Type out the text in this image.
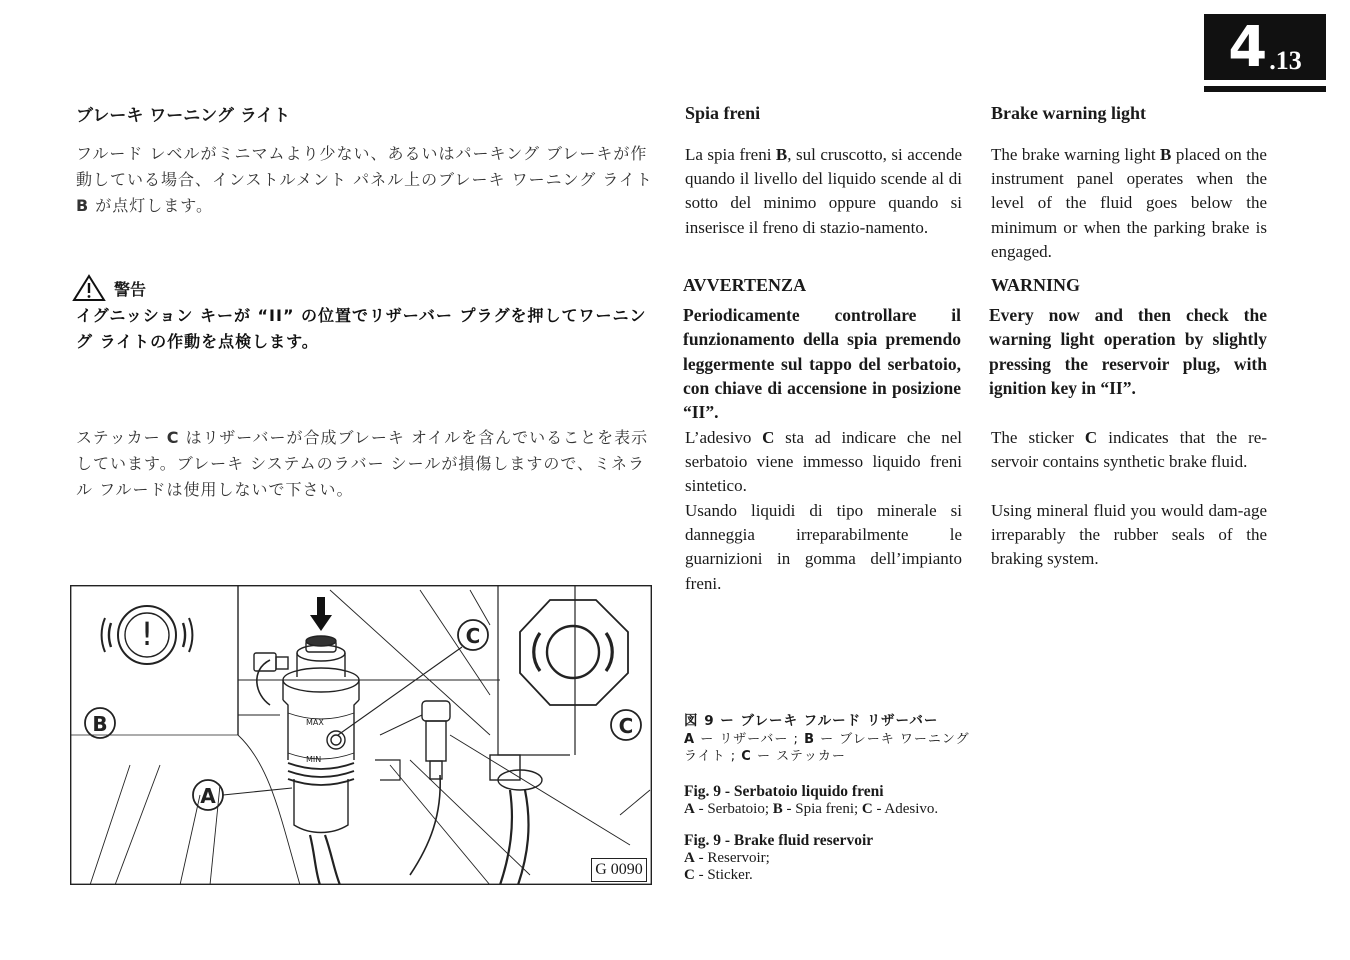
4 .13
ブレーキ ワーニング ライト	Spia freni	Brake warning light
フルード レベルがミニマムより少ない、あるいはパーキング ブレーキが作動している場合、インストルメント パネル上のブレーキ ワーニング ライト B が点灯します。
警告
イグニッション キーが “II” の位置でリザーバー プラグを押してワーニング ライトの作動を点検します。
ステッカー C はリザーバーが合成ブレーキ オイルを含んでいることを表示しています。ブレーキ システムのラバー シールが損傷しますので、ミネラル フルードは使用しないで下さい。
La spia freni B, sul cruscotto, si accende quando il livello del liquido scende al di sotto del minimo oppure quando si inserisce il freno di stazio-namento.
AVVERTENZA
Periodicamente controllare il funzionamento della spia premendo leggermente sul tappo del serbatoio, con chiave di accensione in posizione “II”.
L’adesivo C sta ad indicare che nel serbatoio viene immesso liquido freni sintetico.
Usando liquidi di tipo minerale si danneggia irreparabilmente le guarnizioni in gomma dell’impianto freni.
The brake warning light B placed on the instrument panel operates when the level of the fluid goes below the minimum or when the parking brake is engaged.
WARNING
Every now and then check the warning light operation by slightly pressing the reservoir plug, with ignition key in “II”.
The sticker C indicates that the re-servoir contains synthetic brake fluid.
Using mineral fluid you would dam-age irreparably the rubber seals of the braking system.
!
MAX
MIN
A
B
C
C
G 0090
図 9 ー ブレーキ フルード リザーバー
A ー リザーバー ; B ー ブレーキ ワーニング ライト ; C ー ステッカー
Fig. 9 - Serbatoio liquido freni
A - Serbatoio; B - Spia freni; C - Adesivo.
Fig. 9 - Brake fluid reservoir
A - Reservoir;
C - Sticker.
